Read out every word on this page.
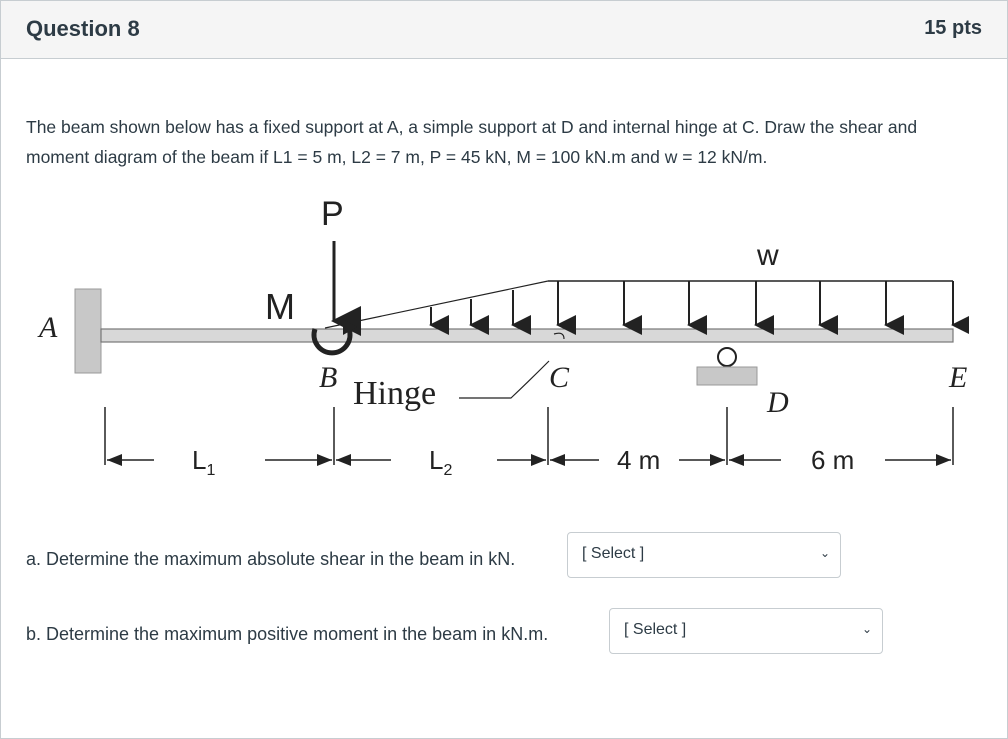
Question 8	15 pts
The beam shown below has a fixed support at A, a simple support at D and internal hinge at C. Draw the shear and moment diagram of the beam if L1 = 5 m, L2 = 7 m, P = 45 kN, M = 100 kN.m and w = 12 kN/m.
A
w
P
M
B Hinge	C
D
E
$L_1$	$L_2$	4 m	6 m
a. Determine the maximum absolute shear in the beam in kN.	[ Select ]	⌄
b. Determine the maximum positive moment in the beam in kN.m.	[ Select ]	⌄
